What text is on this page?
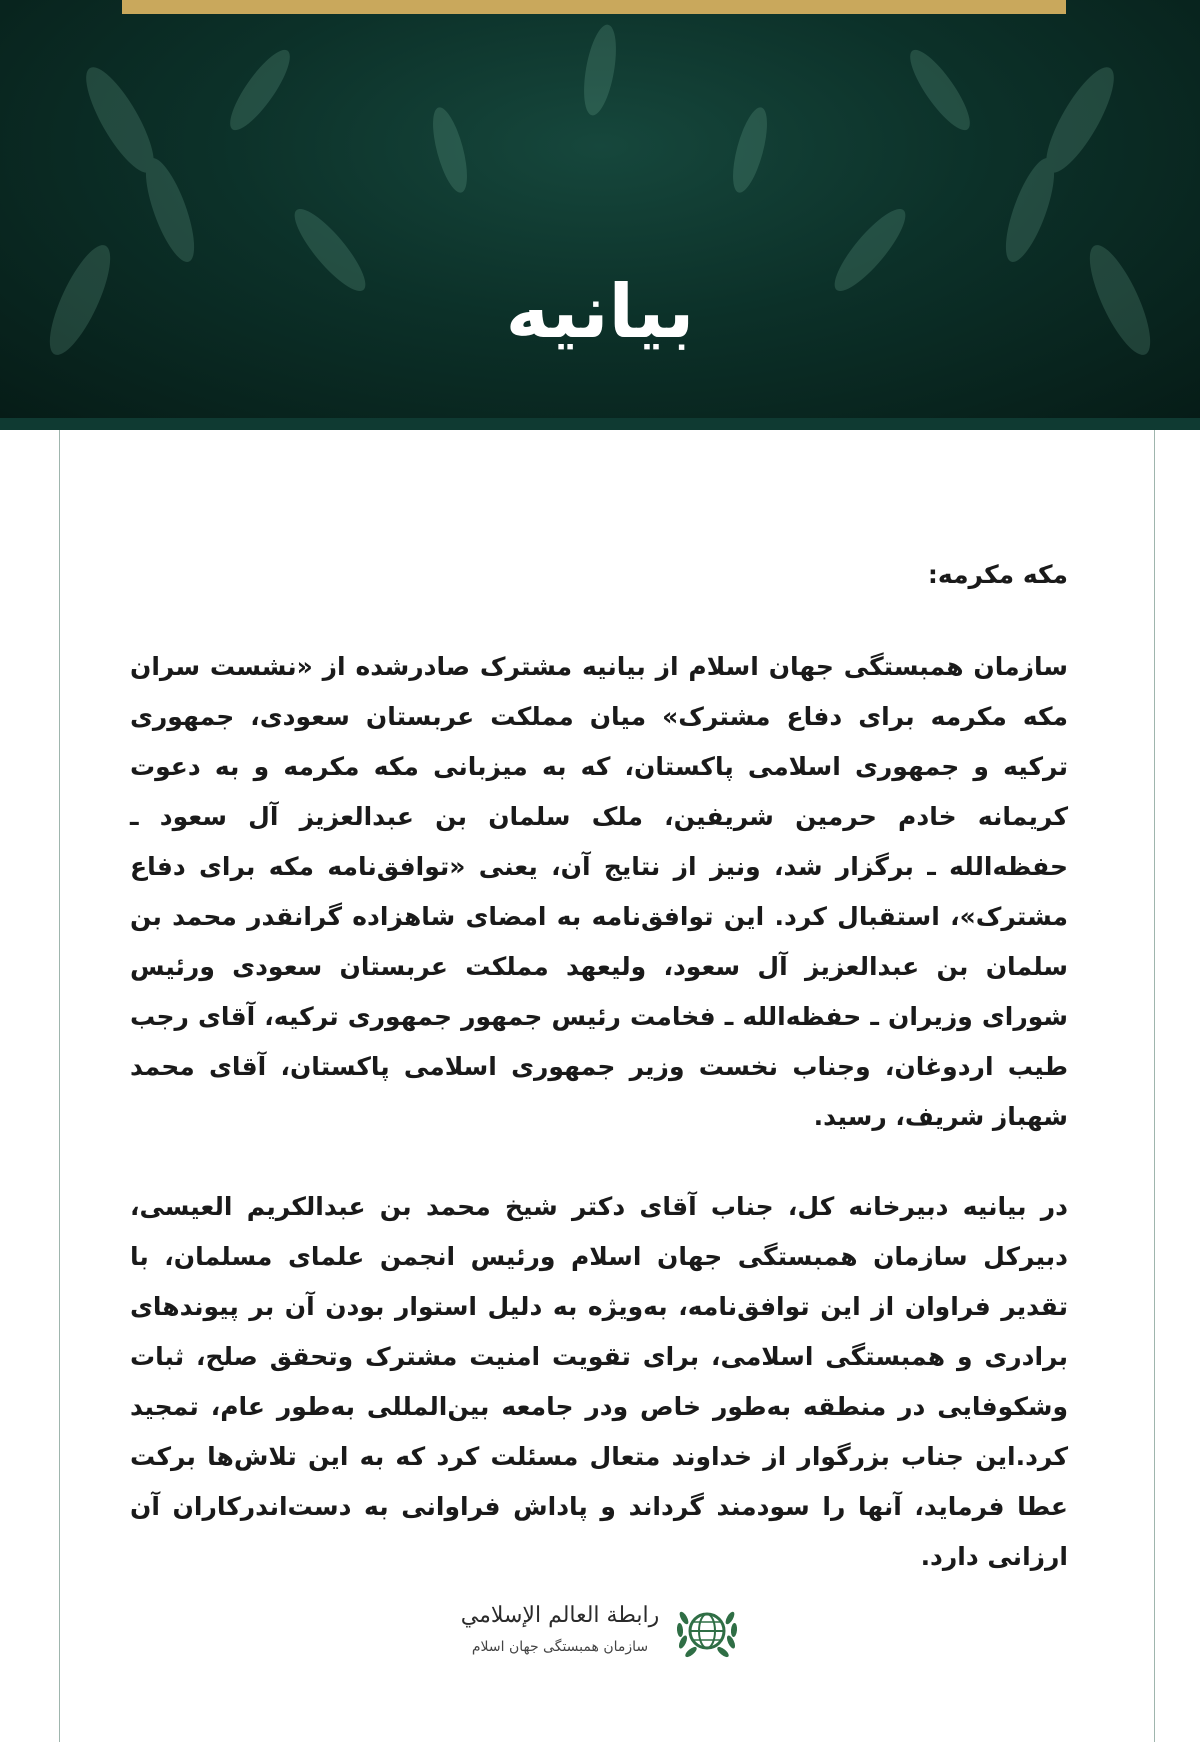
بیانیه

مکه مکرمه:

سازمان همبستگی جهان اسلام از بیانیه مشترک صادرشده از «نشست سران مکه مکرمه برای دفاع مشترک» میان مملکت عربستان سعودی، جمهوری ترکیه و جمهوری اسلامی پاکستان، که به میزبانی مکه مکرمه و به دعوت کریمانه خادم حرمین شریفین، ملک سلمان بن عبدالعزیز آل سعود ـ حفظه‌الله ـ برگزار شد، ونیز از نتایج آن، یعنی «توافق‌نامه مکه برای دفاع مشترک»، استقبال کرد. این توافق‌نامه به امضای شاهزاده گرانقدر محمد بن سلمان بن عبدالعزیز آل سعود، ولیعهد مملکت عربستان سعودی ورئیس شورای وزیران ـ حفظه‌الله ـ فخامت رئیس جمهور جمهوری ترکیه، آقای رجب طیب اردوغان، وجناب نخست وزیر جمهوری اسلامی پاکستان، آقای محمد شهباز شریف، رسید.

در بیانیه دبیرخانه کل، جناب آقای دکتر شیخ محمد بن عبدالکریم العیسی، دبیرکل سازمان همبستگی جهان اسلام ورئیس انجمن علمای مسلمان، با تقدیر فراوان از این توافق‌نامه، به‌ویژه به دلیل استوار بودن آن بر پیوندهای برادری و همبستگی اسلامی، برای تقویت امنیت مشترک وتحقق صلح، ثبات وشکوفایی در منطقه به‌طور خاص ودر جامعه بین‌المللی به‌طور عام، تمجید کرد.این جناب بزرگوار از خداوند متعال مسئلت کرد که به این تلاش‌ها برکت عطا فرماید، آنها را سودمند گرداند و پاداش فراوانی به دست‌اندرکاران آن ارزانی دارد.

رابطة العالم الإسلامي
سازمان همبستگی جهان اسلام
